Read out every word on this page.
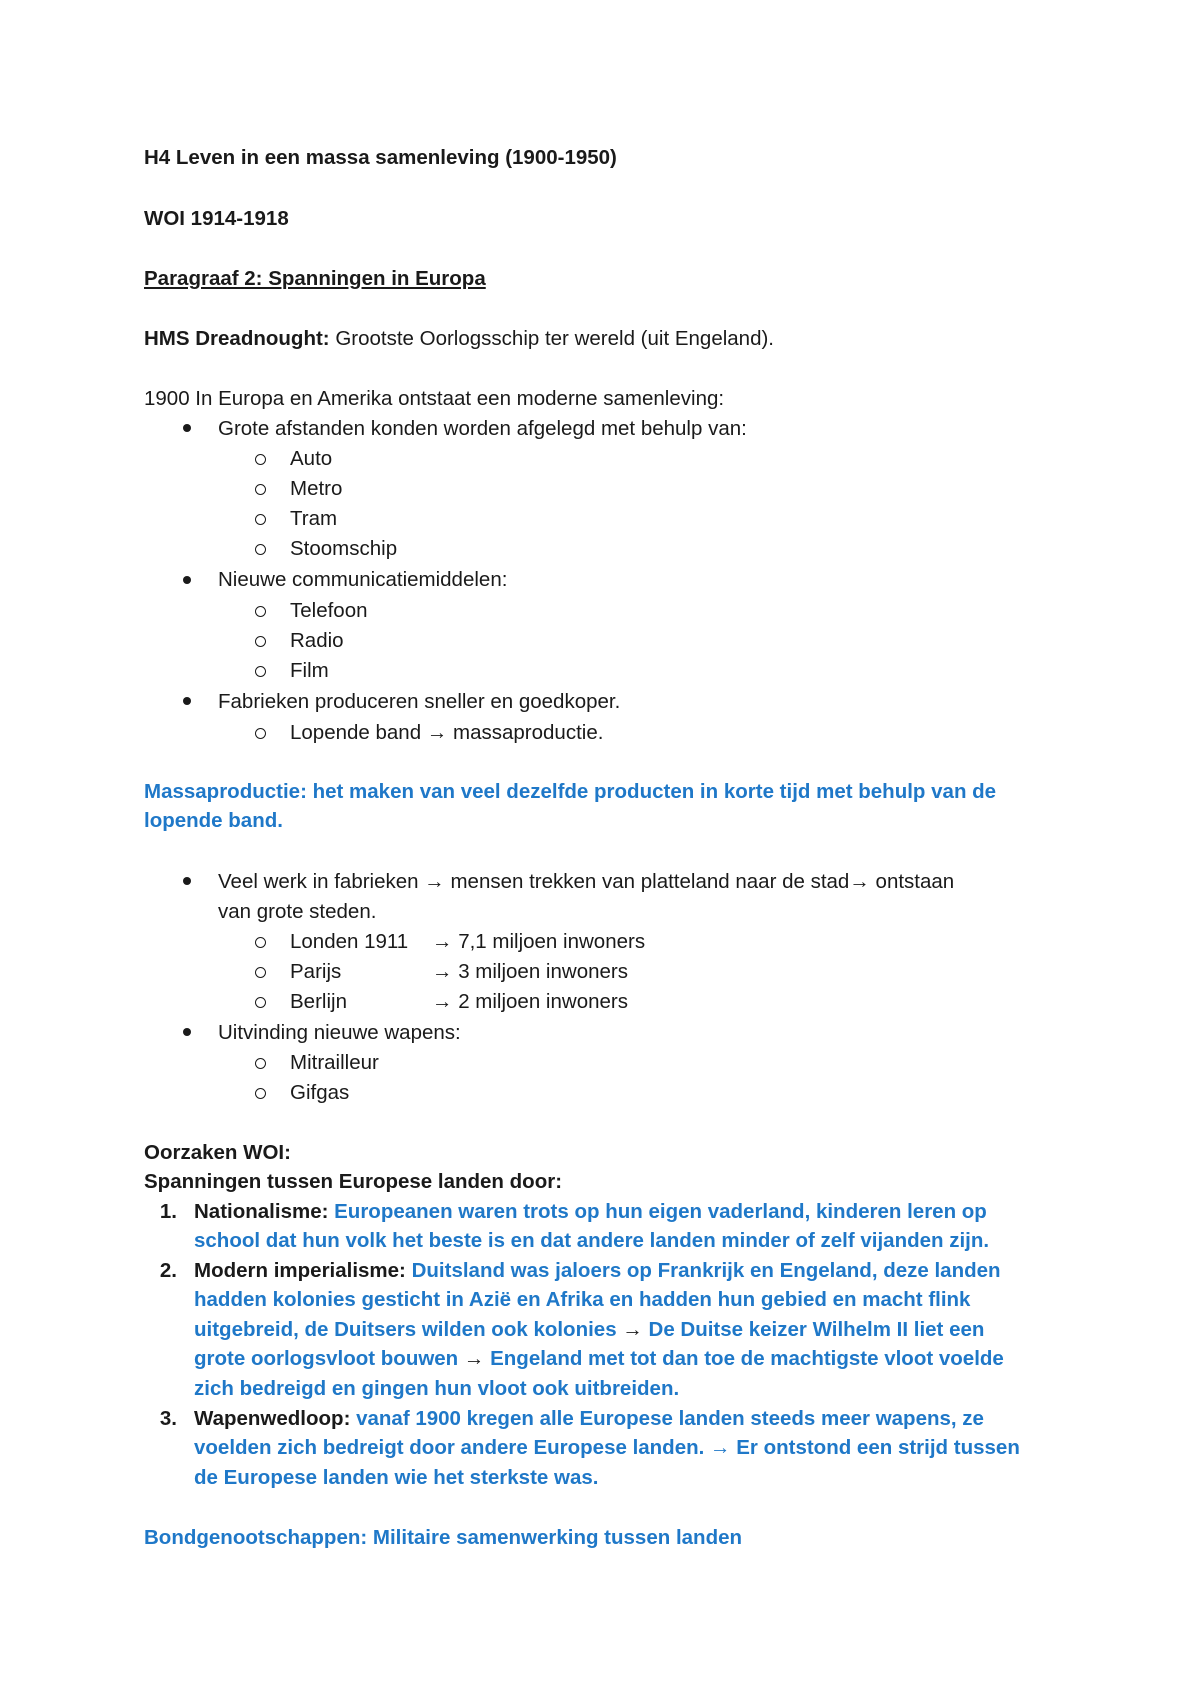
H4 Leven in een massa samenleving (1900-1950)
WOI 1914-1918
Paragraaf 2: Spanningen in Europa
HMS Dreadnought: Grootste Oorlogsschip ter wereld (uit Engeland).
1900 In Europa en Amerika ontstaat een moderne samenleving:
Grote afstanden konden worden afgelegd met behulp van:
Auto
Metro
Tram
Stoomschip
Nieuwe communicatiemiddelen:
Telefoon
Radio
Film
Fabrieken produceren sneller en goedkoper.
Lopende band → massaproductie.
Massaproductie: het maken van veel dezelfde producten in korte tijd met behulp van de
lopende band.
Veel werk in fabrieken → mensen trekken van platteland naar de stad→ ontstaan
van grote steden.
Londen 1911 → 7,1 miljoen inwoners
Parijs	→ 3 miljoen inwoners
Berlijn	→ 2 miljoen inwoners
Uitvinding nieuwe wapens:
Mitrailleur
Gifgas
Oorzaken WOI:
Spanningen tussen Europese landen door:
1. Nationalisme: Europeanen waren trots op hun eigen vaderland, kinderen leren op
school dat hun volk het beste is en dat andere landen minder of zelf vijanden zijn.
2. Modern imperialisme: Duitsland was jaloers op Frankrijk en Engeland, deze landen
hadden kolonies gesticht in Azië en Afrika en hadden hun gebied en macht flink
uitgebreid, de Duitsers wilden ook kolonies → De Duitse keizer Wilhelm II liet een
grote oorlogsvloot bouwen → Engeland met tot dan toe de machtigste vloot voelde
zich bedreigd en gingen hun vloot ook uitbreiden.
3. Wapenwedloop: vanaf 1900 kregen alle Europese landen steeds meer wapens, ze
voelden zich bedreigt door andere Europese landen. → Er ontstond een strijd tussen
de Europese landen wie het sterkste was.
Bondgenootschappen: Militaire samenwerking tussen landen
